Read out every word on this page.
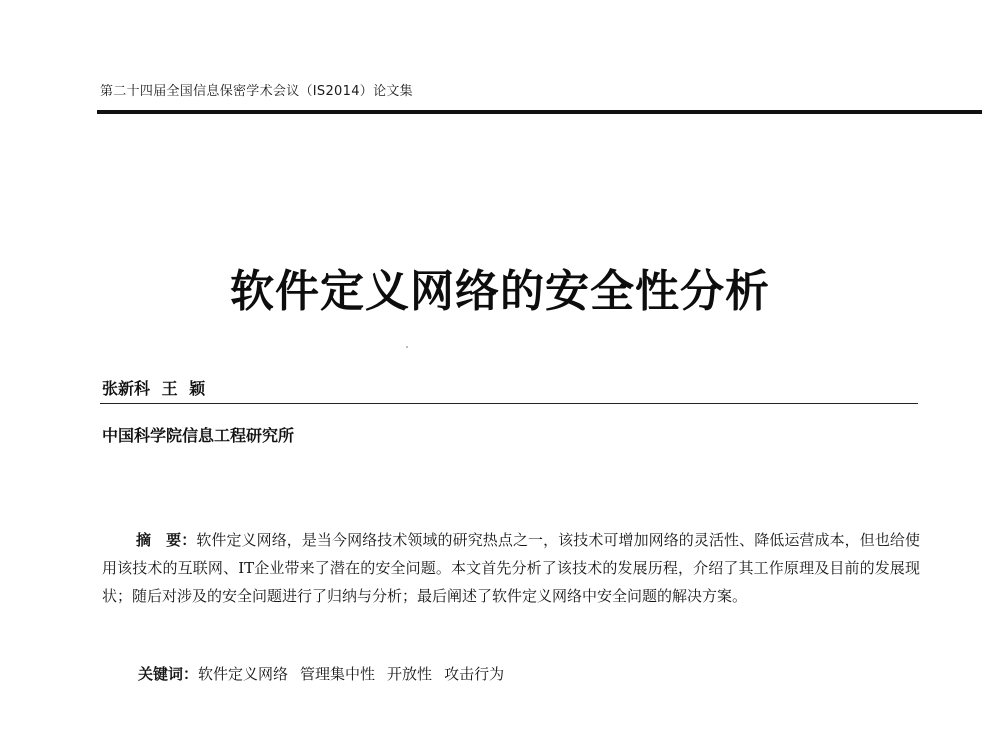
第二十四届全国信息保密学术会议（IS2014）论文集
软件定义网络的安全性分析
张新科 王 颖
中国科学院信息工程研究所
摘　要：软件定义网络，是当今网络技术领域的研究热点之一，该技术可增加网络的灵活性、降低运营成本，但也给使用该技术的互联网、IT企业带来了潜在的安全问题。本文首先分析了该技术的发展历程，介绍了其工作原理及目前的发展现状；随后对涉及的安全问题进行了归纳与分析；最后阐述了软件定义网络中安全问题的解决方案。
关键词：软件定义网络 管理集中性 开放性 攻击行为
